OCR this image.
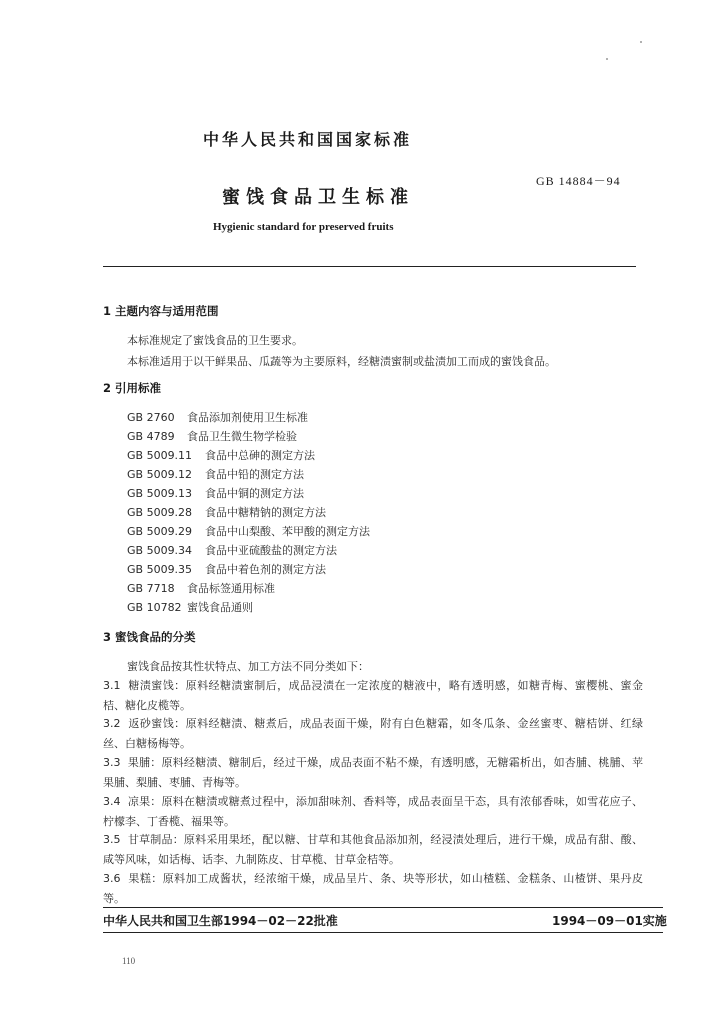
中华人民共和国国家标准
GB 14884－94
蜜饯食品卫生标准
Hygienic standard for preserved fruits
1 主题内容与适用范围
本标准规定了蜜饯食品的卫生要求。
本标准适用于以干鲜果品、瓜蔬等为主要原料，经糖渍蜜制或盐渍加工而成的蜜饯食品。
2 引用标准
GB 2760 食品添加剂使用卫生标准
GB 4789 食品卫生微生物学检验
GB 5009.11 食品中总砷的测定方法
GB 5009.12 食品中铅的测定方法
GB 5009.13 食品中铜的测定方法
GB 5009.28 食品中糖精钠的测定方法
GB 5009.29 食品中山梨酸、苯甲酸的测定方法
GB 5009.34 食品中亚硫酸盐的测定方法
GB 5009.35 食品中着色剂的测定方法
GB 7718 食品标签通用标准
GB 10782 蜜饯食品通则
3 蜜饯食品的分类
蜜饯食品按其性状特点、加工方法不同分类如下：
3.1 糖渍蜜饯：原料经糖渍蜜制后，成品浸渍在一定浓度的糖液中，略有透明感，如糖青梅、蜜樱桃、蜜金桔、糖化皮榄等。
3.2 返砂蜜饯：原料经糖渍、糖煮后，成品表面干燥，附有白色糖霜，如冬瓜条、金丝蜜枣、糖桔饼、红绿丝、白糖杨梅等。
3.3 果脯：原料经糖渍、糖制后，经过干燥，成品表面不粘不燥，有透明感，无糖霜析出，如杏脯、桃脯、苹果脯、梨脯、枣脯、青梅等。
3.4 凉果：原料在糖渍或糖煮过程中，添加甜味剂、香料等，成品表面呈干态，具有浓郁香味，如雪花应子、柠檬李、丁香榄、福果等。
3.5 甘草制品：原料采用果坯，配以糖、甘草和其他食品添加剂，经浸渍处理后，进行干燥，成品有甜、酸、咸等风味，如话梅、话李、九制陈皮、甘草榄、甘草金桔等。
3.6 果糕：原料加工成酱状，经浓缩干燥，成品呈片、条、块等形状，如山楂糕、金糕条、山楂饼、果丹皮等。
中华人民共和国卫生部1994－02－22批准	1994－09－01实施
110
